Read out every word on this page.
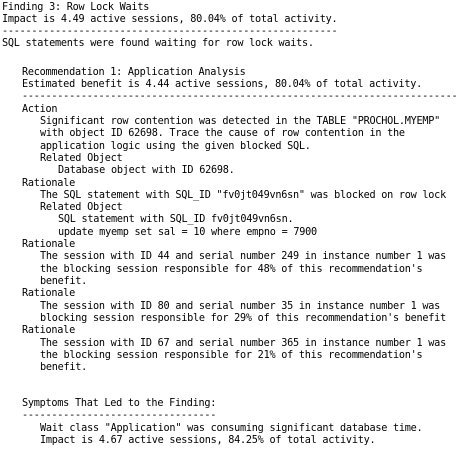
Finding 3: Row Lock Waits
Impact is 4.49 active sessions, 80.04% of total activity.
---------------------------------------------------------
SQL statements were found waiting for row lock waits.
Recommendation 1: Application Analysis
Estimated benefit is 4.44 active sessions, 80.04% of total activity.
--------------------------------------------------------------------------
Action
Significant row contention was detected in the TABLE "PROCHOL.MYEMP"
with object ID 62698. Trace the cause of row contention in the
application logic using the given blocked SQL.
Related Object
Database object with ID 62698.
Rationale
The SQL statement with SQL_ID "fv0jt049vn6sn" was blocked on row lock
Related Object
SQL statement with SQL_ID fv0jt049vn6sn.
update myemp set sal = 10 where empno = 7900
Rationale
The session with ID 44 and serial number 249 in instance number 1 was
the blocking session responsible for 48% of this recommendation's
benefit.
Rationale
The session with ID 80 and serial number 35 in instance number 1 was
blocking session responsible for 29% of this recommendation's benefit
Rationale
The session with ID 67 and serial number 365 in instance number 1 was
the blocking session responsible for 21% of this recommendation's
benefit.
Symptoms That Led to the Finding:
---------------------------------
Wait class "Application" was consuming significant database time.
Impact is 4.67 active sessions, 84.25% of total activity.
